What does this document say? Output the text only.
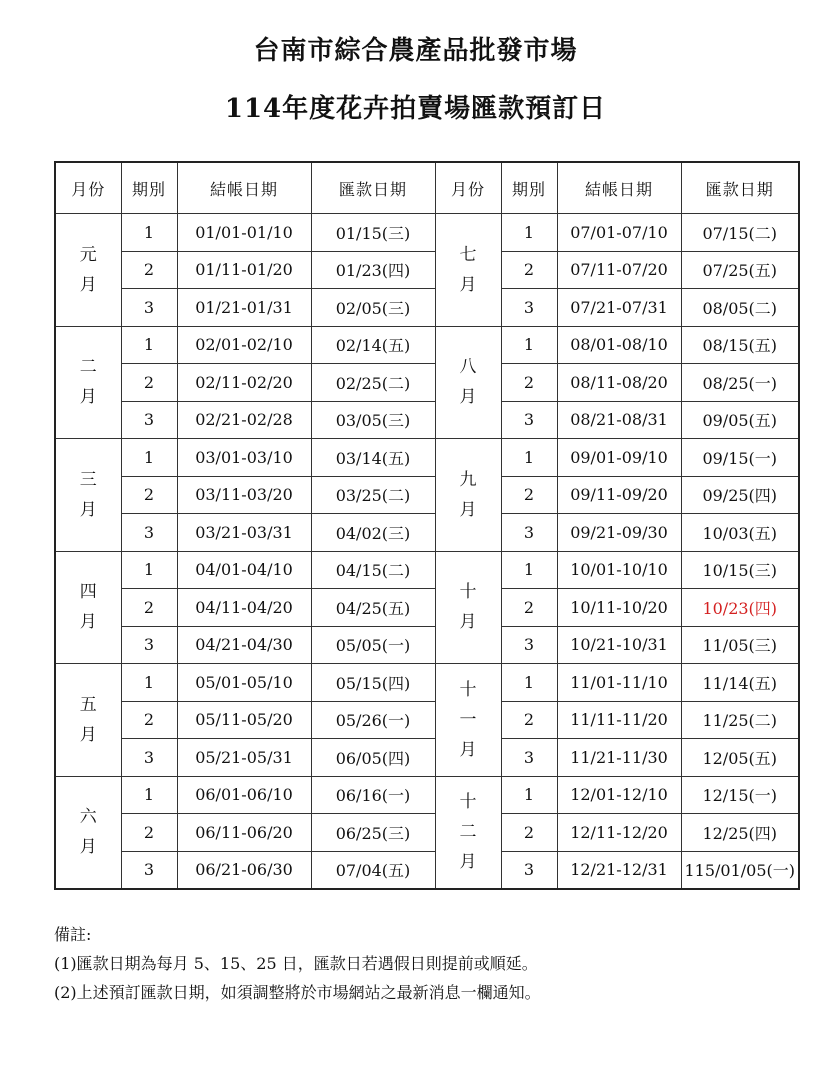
台南市綜合農產品批發市場
114年度花卉拍賣場匯款預訂日
月份	期別	結帳日期	匯款日期	月份	期別	結帳日期	匯款日期
元月	1	01/01-01/10	01/15(三)	七月	1	07/01-07/10	07/15(二)
	2	01/11-01/20	01/23(四)		2	07/11-07/20	07/25(五)
	3	01/21-01/31	02/05(三)		3	07/21-07/31	08/05(二)
二月	1	02/01-02/10	02/14(五)	八月	1	08/01-08/10	08/15(五)
	2	02/11-02/20	02/25(二)		2	08/11-08/20	08/25(一)
	3	02/21-02/28	03/05(三)		3	08/21-08/31	09/05(五)
三月	1	03/01-03/10	03/14(五)	九月	1	09/01-09/10	09/15(一)
	2	03/11-03/20	03/25(二)		2	09/11-09/20	09/25(四)
	3	03/21-03/31	04/02(三)		3	09/21-09/30	10/03(五)
四月	1	04/01-04/10	04/15(二)	十月	1	10/01-10/10	10/15(三)
	2	04/11-04/20	04/25(五)		2	10/11-10/20	10/23(四)
	3	04/21-04/30	05/05(一)		3	10/21-10/31	11/05(三)
五月	1	05/01-05/10	05/15(四)	十一月	1	11/01-11/10	11/14(五)
	2	05/11-05/20	05/26(一)		2	11/11-11/20	11/25(二)
	3	05/21-05/31	06/05(四)		3	11/21-11/30	12/05(五)
六月	1	06/01-06/10	06/16(一)	十二月	1	12/01-12/10	12/15(一)
	2	06/11-06/20	06/25(三)		2	12/11-12/20	12/25(四)
	3	06/21-06/30	07/04(五)		3	12/21-12/31	115/01/05(一)
備註:
(1)匯款日期為每月 5、15、25 日，匯款日若遇假日則提前或順延。
(2)上述預訂匯款日期，如須調整將於市場網站之最新消息一欄通知。
